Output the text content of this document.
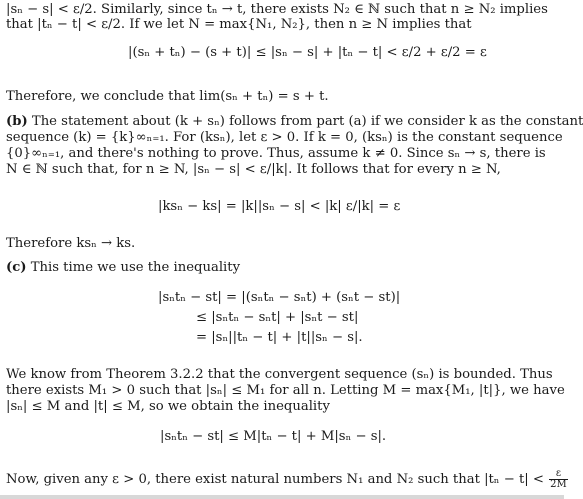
|sₙ − s| < ε/2. Similarly, since tₙ → t, there exists N₂ ∈ ℕ such that n ≥ N₂ implies
that |tₙ − t| < ε/2. If we let N = max{N₁, N₂}, then n ≥ N implies that
|(sₙ + tₙ) − (s + t)| ≤ |sₙ − s| + |tₙ − t| < ε/2 + ε/2 = ε
Therefore, we conclude that lim(sₙ + tₙ) = s + t.
(b) The statement about (k + sₙ) follows from part (a) if we consider k as the constant
sequence (k) = {k}∞ₙ₌₁. For (ksₙ), let ε > 0. If k = 0, (ksₙ) is the constant sequence
{0}∞ₙ₌₁, and there's nothing to prove. Thus, assume k ≠ 0. Since sₙ → s, there is
N ∈ ℕ such that, for n ≥ N, |sₙ − s| < ε/|k|. It follows that for every n ≥ N,
|ksₙ − ks| = |k||sₙ − s| < |k| ε/|k| = ε
Therefore ksₙ → ks.
(c) This time we use the inequality
|sₙtₙ − st| = |(sₙtₙ − sₙt) + (sₙt − st)|
≤ |sₙtₙ − sₙt| + |sₙt − st|
= |sₙ||tₙ − t| + |t||sₙ − s|.
We know from Theorem 3.2.2 that the convergent sequence (sₙ) is bounded. Thus
there exists M₁ > 0 such that |sₙ| ≤ M₁ for all n. Letting M = max{M₁, |t|}, we have
|sₙ| ≤ M and |t| ≤ M, so we obtain the inequality
|sₙtₙ − st| ≤ M|tₙ − t| + M|sₙ − s|.
Now, given any ε > 0, there exist natural numbers N₁ and N₂ such that $|t_n - t| < \frac{\varepsilon}{2M}$
